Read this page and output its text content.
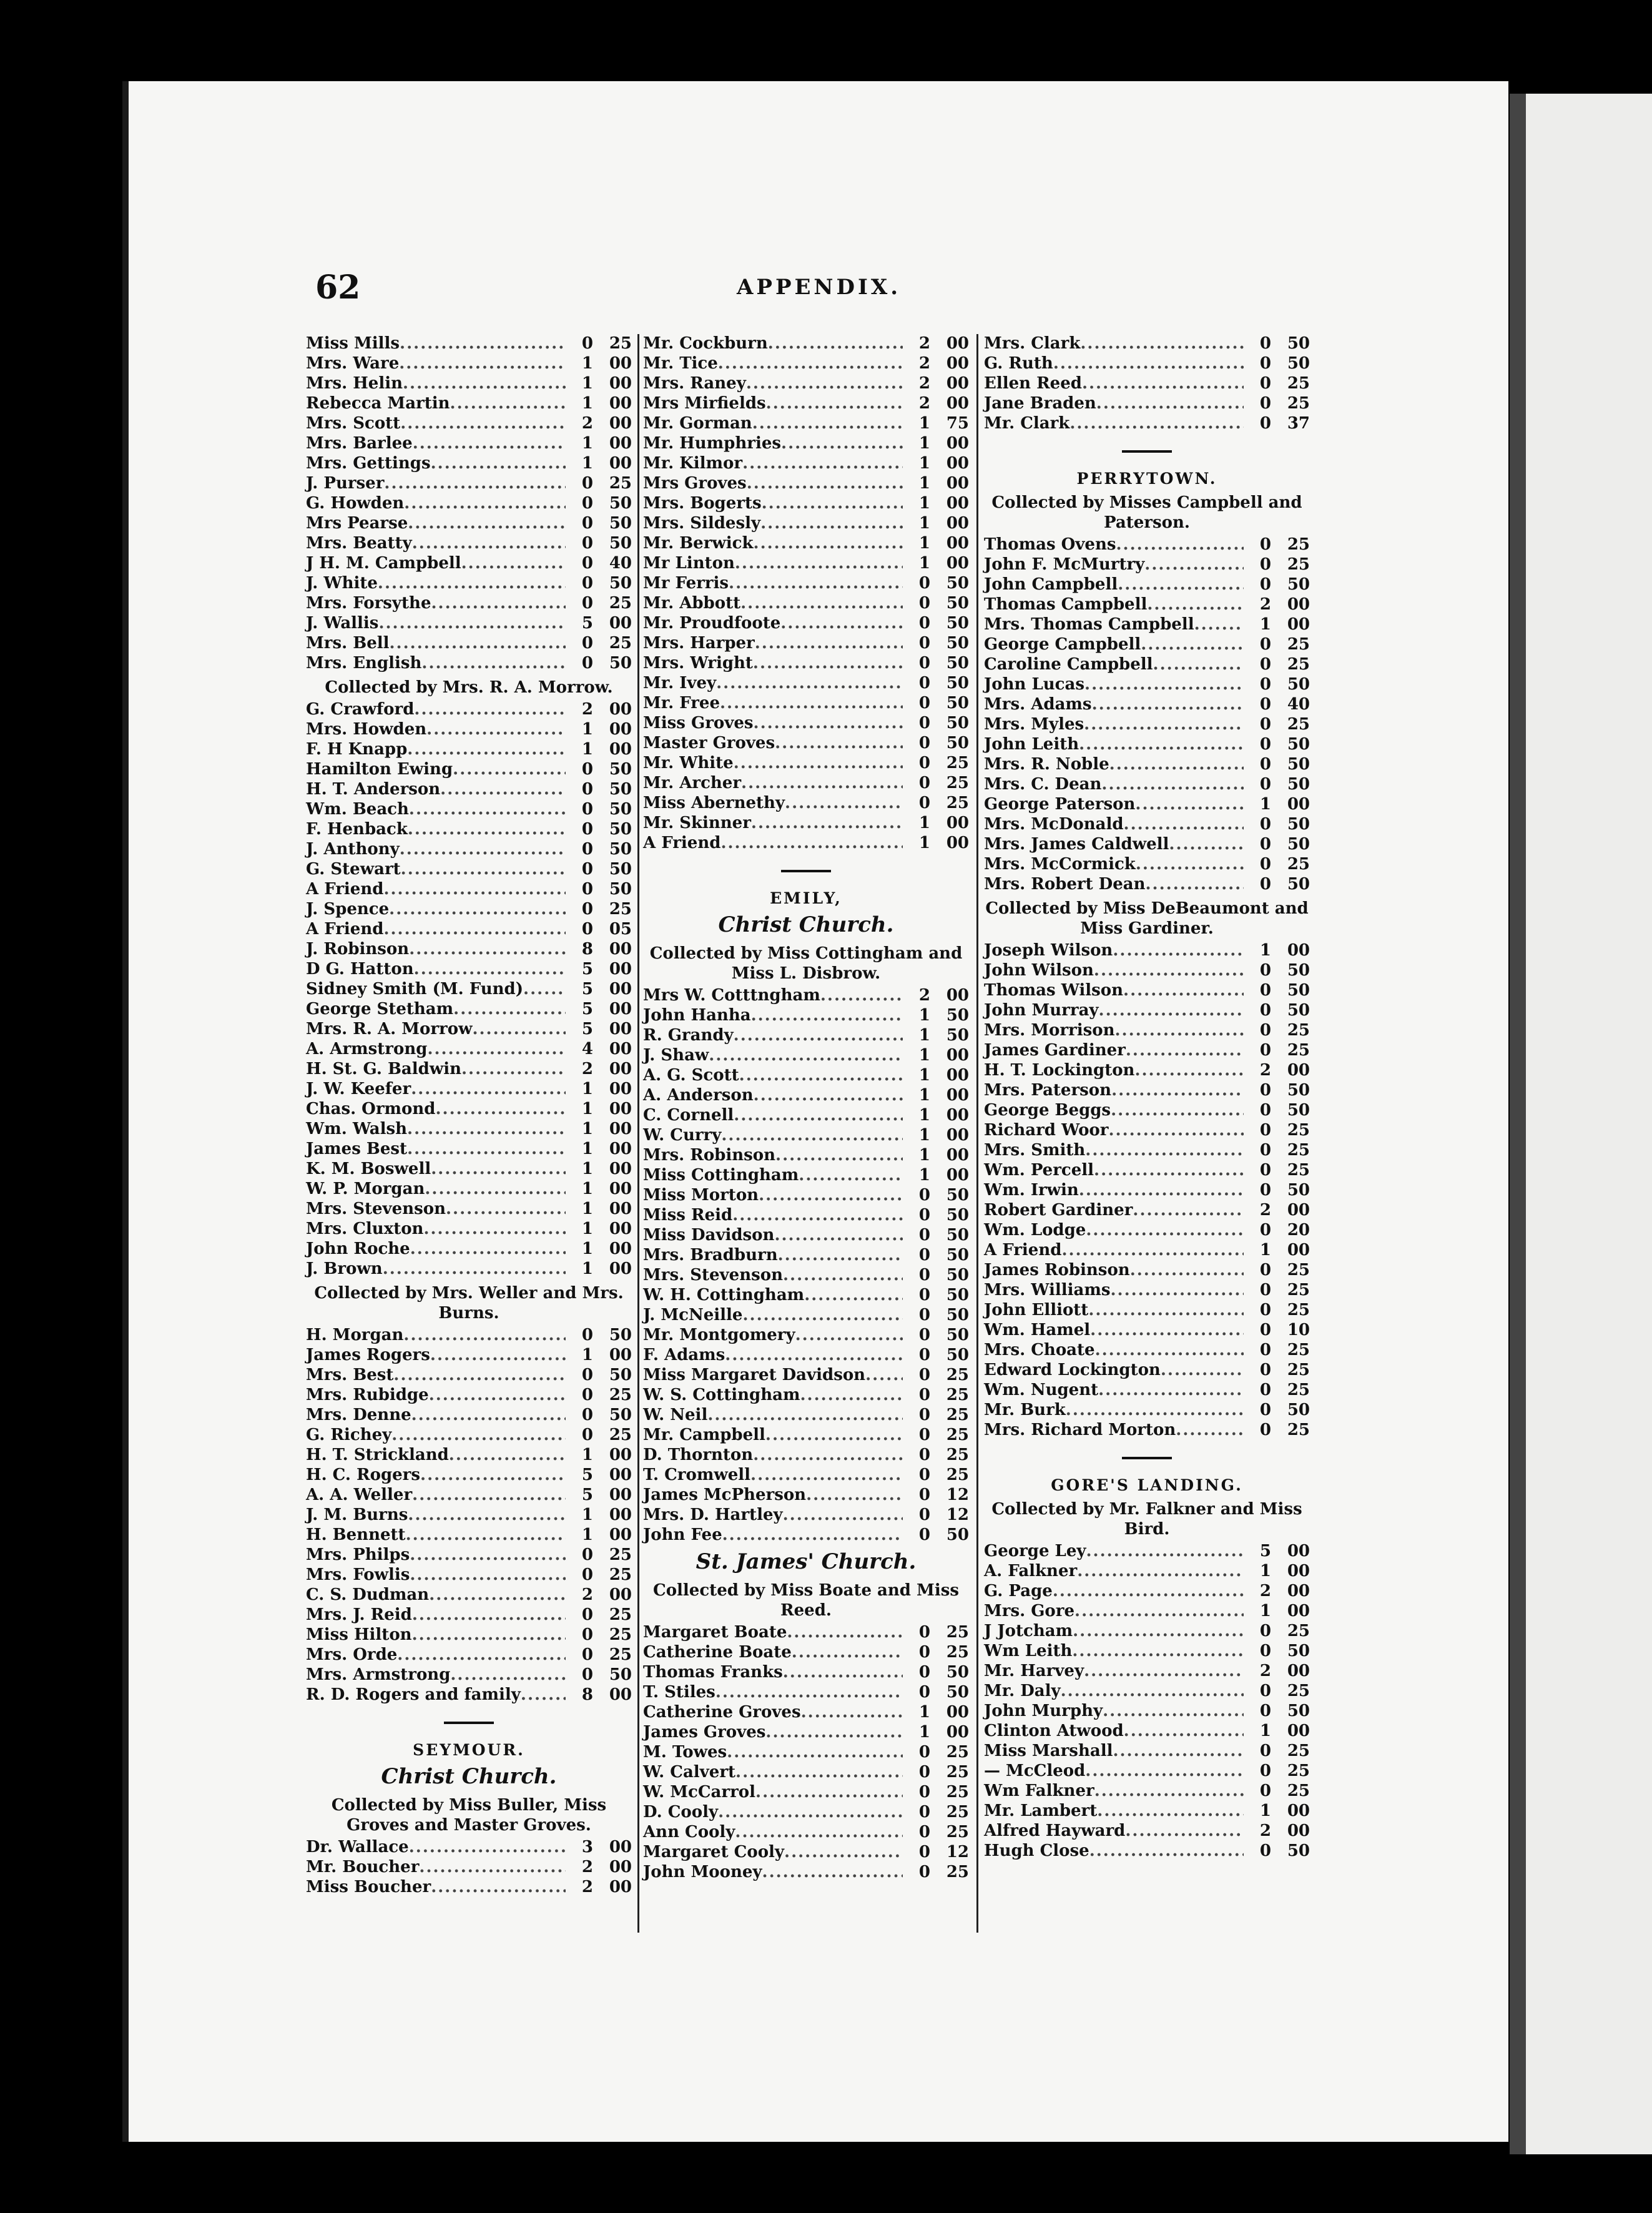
62	APPENDIX.
Miss Mills .....	0 25
Mrs. Ware .....	1 00
Mrs. Helin .....	1 00
Rebecca Martin .....	1 00
Mrs. Scott .....	2 00
Mrs. Barlee .....	1 00
Mrs. Gettings .....	1 00
J. Purser .....	0 25
G. Howden .....	0 50
Mrs Pearse .....	0 50
Mrs. Beatty .....	0 50
J H. M. Campbell .....	0 40
J. White .....	0 50
Mrs. Forsythe .....	0 25
J. Wallis .....	5 00
Mrs. Bell .....	0 25
Mrs. English .....	0 50
Collected by Mrs. R. A. Morrow.
G. Crawford .....	2 00
Mrs. Howden .....	1 00
F. H Knapp .....	1 00
Hamilton Ewing .....	0 50
H. T. Anderson .....	0 50
Wm. Beach .....	0 50
F. Henback .....	0 50
J. Anthony .....	0 50
G. Stewart .....	0 50
A Friend .....	0 50
J. Spence .....	0 25
A Friend .....	0 05
J. Robinson .....	8 00
D G. Hatton .....	5 00
Sidney Smith (M. Fund) .....	5 00
George Stetham .....	5 00
Mrs. R. A. Morrow .....	5 00
A. Armstrong .....	4 00
H. St. G. Baldwin .....	2 00
J. W. Keefer .....	1 00
Chas. Ormond .....	1 00
Wm. Walsh .....	1 00
James Best .....	1 00
K. M. Boswell .....	1 00
W. P. Morgan .....	1 00
Mrs. Stevenson .....	1 00
Mrs. Cluxton .....	1 00
John Roche .....	1 00
J. Brown .....	1 00
Collected by Mrs. Weller and Mrs. Burns.
H. Morgan .....	0 50
James Rogers .....	1 00
Mrs. Best .....	0 50
Mrs. Rubidge .....	0 25
Mrs. Denne .....	0 50
G. Richey .....	0 25
H. T. Strickland .....	1 00
H. C. Rogers .....	5 00
A. A. Weller .....	5 00
J. M. Burns .....	1 00
H. Bennett .....	1 00
Mrs. Philps .....	0 25
Mrs. Fowlis .....	0 25
C. S. Dudman .....	2 00
Mrs. J. Reid .....	0 25
Miss Hilton .....	0 25
Mrs. Orde .....	0 25
Mrs. Armstrong .....	0 50
R. D. Rogers and family .....	8 00
SEYMOUR.
Christ Church.
Collected by Miss Buller, Miss Groves and Master Groves.
Dr. Wallace .....	3 00
Mr. Boucher .....	2 00
Miss Boucher .....	2 00
Mr. Cockburn .....	2 00
Mr. Tice .....	2 00
Mrs. Raney .....	2 00
Mrs Mirfields .....	2 00
Mr. Gorman .....	1 75
Mr. Humphries .....	1 00
Mr. Kilmor .....	1 00
Mrs Groves .....	1 00
Mrs. Bogerts .....	1 00
Mrs. Sildesly .....	1 00
Mr. Berwick .....	1 00
Mr Linton .....	1 00
Mr Ferris .....	0 50
Mr. Abbott .....	0 50
Mr. Proudfoote .....	0 50
Mrs. Harper .....	0 50
Mrs. Wright .....	0 50
Mr. Ivey .....	0 50
Mr. Free .....	0 50
Miss Groves .....	0 50
Master Groves .....	0 50
Mr. White .....	0 25
Mr. Archer .....	0 25
Miss Abernethy .....	0 25
Mr. Skinner .....	1 00
A Friend .....	1 00
EMILY,
Christ Church.
Collected by Miss Cottingham and Miss L. Disbrow.
Mrs W. Cotttngham .....	2 00
John Hanha .....	1 50
R. Grandy .....	1 50
J. Shaw .....	1 00
A. G. Scott .....	1 00
A. Anderson .....	1 00
C. Cornell .....	1 00
W. Curry .....	1 00
Mrs. Robinson .....	1 00
Miss Cottingham .....	1 00
Miss Morton .....	0 50
Miss Reid .....	0 50
Miss Davidson .....	0 50
Mrs. Bradburn .....	0 50
Mrs. Stevenson .....	0 50
W. H. Cottingham .....	0 50
J. McNeille .....	0 50
Mr. Montgomery .....	0 50
F. Adams .....	0 50
Miss Margaret Davidson .....	0 25
W. S. Cottingham .....	0 25
W. Neil .....	0 25
Mr. Campbell .....	0 25
D. Thornton .....	0 25
T. Cromwell .....	0 25
James McPherson .....	0 12
Mrs. D. Hartley .....	0 12
John Fee .....	0 50
St. James' Church.
Collected by Miss Boate and Miss Reed.
Margaret Boate .....	0 25
Catherine Boate .....	0 25
Thomas Franks .....	0 50
T. Stiles .....	0 50
Catherine Groves .....	1 00
James Groves .....	1 00
M. Towes .....	0 25
W. Calvert .....	0 25
W. McCarrol .....	0 25
D. Cooly .....	0 25
Ann Cooly .....	0 25
Margaret Cooly .....	0 12
John Mooney .....	0 25
Mrs. Clark .....	0 50
G. Ruth .....	0 50
Ellen Reed .....	0 25
Jane Braden .....	0 25
Mr. Clark .....	0 37
PERRYTOWN.
Collected by Misses Campbell and Paterson.
Thomas Ovens .....	0 25
John F. McMurtry .....	0 25
John Campbell .....	0 50
Thomas Campbell .....	2 00
Mrs. Thomas Campbell .....	1 00
George Campbell .....	0 25
Caroline Campbell .....	0 25
John Lucas .....	0 50
Mrs. Adams .....	0 40
Mrs. Myles .....	0 25
John Leith .....	0 50
Mrs. R. Noble .....	0 50
Mrs. C. Dean .....	0 50
George Paterson .....	1 00
Mrs. McDonald .....	0 50
Mrs. James Caldwell .....	0 50
Mrs. McCormick .....	0 25
Mrs. Robert Dean .....	0 50
Collected by Miss DeBeaumont and Miss Gardiner.
Joseph Wilson .....	1 00
John Wilson .....	0 50
Thomas Wilson .....	0 50
John Murray .....	0 50
Mrs. Morrison .....	0 25
James Gardiner .....	0 25
H. T. Lockington .....	2 00
Mrs. Paterson .....	0 50
George Beggs .....	0 50
Richard Woor .....	0 25
Mrs. Smith .....	0 25
Wm. Percell .....	0 25
Wm. Irwin .....	0 50
Robert Gardiner .....	2 00
Wm. Lodge .....	0 20
A Friend .....	1 00
James Robinson .....	0 25
Mrs. Williams .....	0 25
John Elliott .....	0 25
Wm. Hamel .....	0 10
Mrs. Choate .....	0 25
Edward Lockington .....	0 25
Wm. Nugent .....	0 25
Mr. Burk .....	0 50
Mrs. Richard Morton .....	0 25
GORE'S LANDING.
Collected by Mr. Falkner and Miss Bird.
George Ley .....	5 00
A. Falkner .....	1 00
G. Page .....	2 00
Mrs. Gore .....	1 00
J Jotcham .....	0 25
Wm Leith .....	0 50
Mr. Harvey .....	2 00
Mr. Daly .....	0 25
John Murphy .....	0 50
Clinton Atwood .....	1 00
Miss Marshall .....	0 25
— McCleod .....	0 25
Wm Falkner .....	0 25
Mr. Lambert .....	1 00
Alfred Hayward .....	2 00
Hugh Close .....	0 50
